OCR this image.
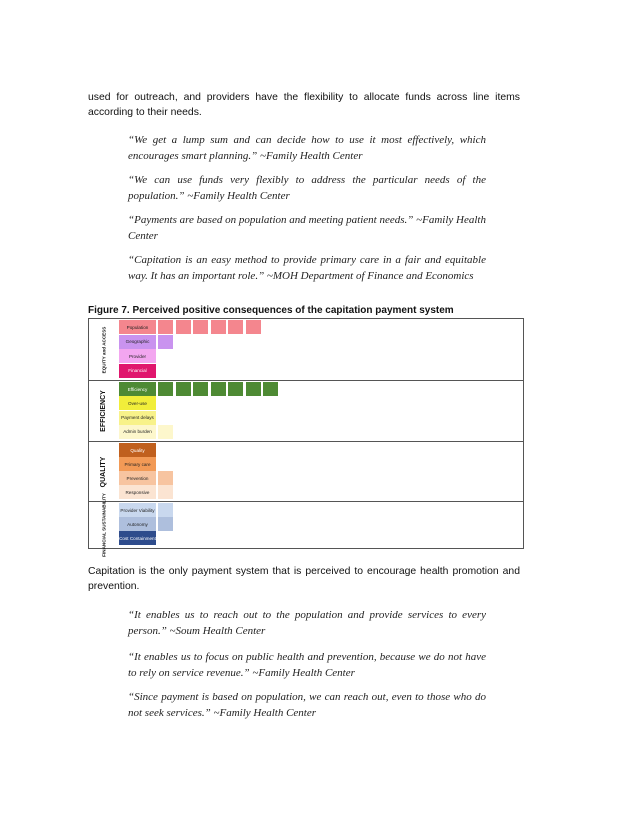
used for outreach, and providers have the flexibility to allocate funds across line items according to their needs.
“We get a lump sum and can decide how to use it most effectively, which encourages smart planning.” ~Family Health Center
“We can use funds very flexibly to address the particular needs of the population.” ~Family Health Center
“Payments are based on population and meeting patient needs.” ~Family Health Center
“Capitation is an easy method to provide primary care in a fair and equitable way. It has an important role.” ~MOH Department of Finance and Economics
Figure 7. Perceived positive consequences of the capitation payment system
EQUITY and ACCESS	Population
Geographic
Provider
Financial
EFFICIENCY
Efficiency
Over-use
Payment delays
Admin burden
QUALITY
Quality
Primary care
Prevention
Responsive
FINANCIAL SUSTAINABILITY	Provider Viability
Autonomy
Cost Containment
Capitation is the only payment system that is perceived to encourage health promotion and prevention.
“It enables us to reach out to the population and provide services to every person.” ~Soum Health Center
“It enables us to focus on public health and prevention, because we do not have to rely on service revenue.” ~Family Health Center
“Since payment is based on population, we can reach out, even to those who do not seek services.” ~Family Health Center
